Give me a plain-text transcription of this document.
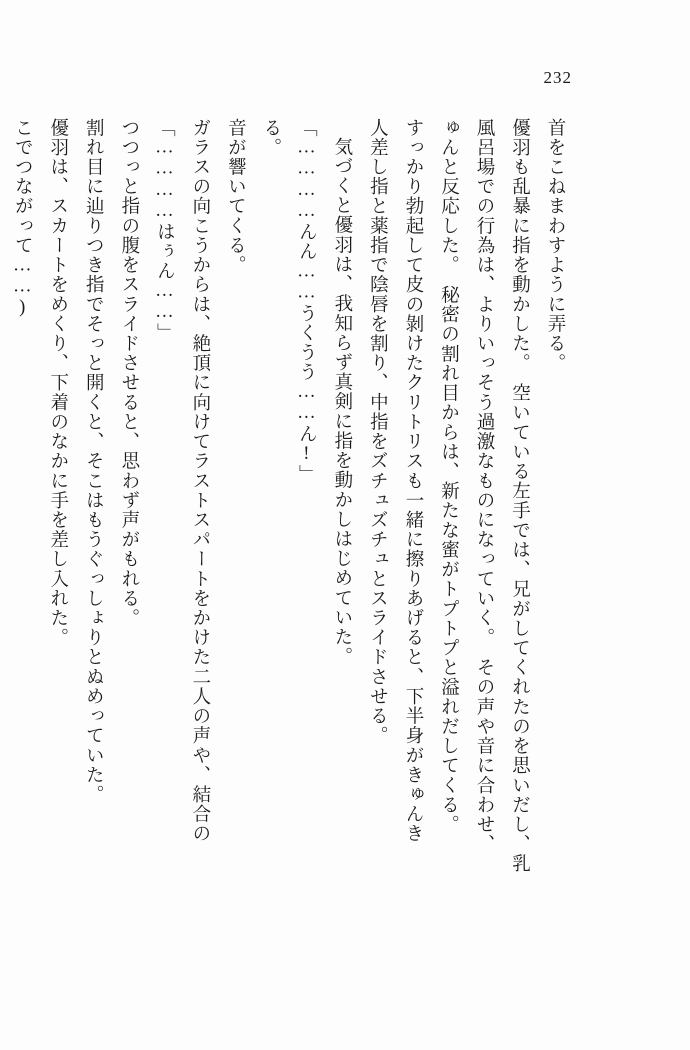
232

首をこねまわすように弄る。

優羽も乱暴に指を動かした。　空いている左手では、兄がしてくれたのを思いだし、乳

風呂場での行為は、よりいっそう過激なものになっていく。　その声や音に合わせ、

ゅんと反応した。　秘密の割れ目からは、新たな蜜がトプトプと溢れだしてくる。

すっかり勃起して皮の剝けたクリトリスも一緒に擦りあげると、下半身がきゅんき

人差し指と薬指で陰唇を割り、中指をズチュズチュとスライドさせる。

気づくと優羽は、我知らず真剣に指を動かしはじめていた。

「…………んん……うくうう……ん!」

る。

音が響いてくる。

ガラスの向こうからは、絶頂に向けてラストスパートをかけた二人の声や、結合の

「…………はぅん……」

つつっと指の腹をスライドさせると、思わず声がもれる。

割れ目に辿りつき指でそっと開くと、そこはもうぐっしょりとぬめっていた。

優羽は、スカートをめくり、下着のなかに手を差し入れた。

こでつながって……)
